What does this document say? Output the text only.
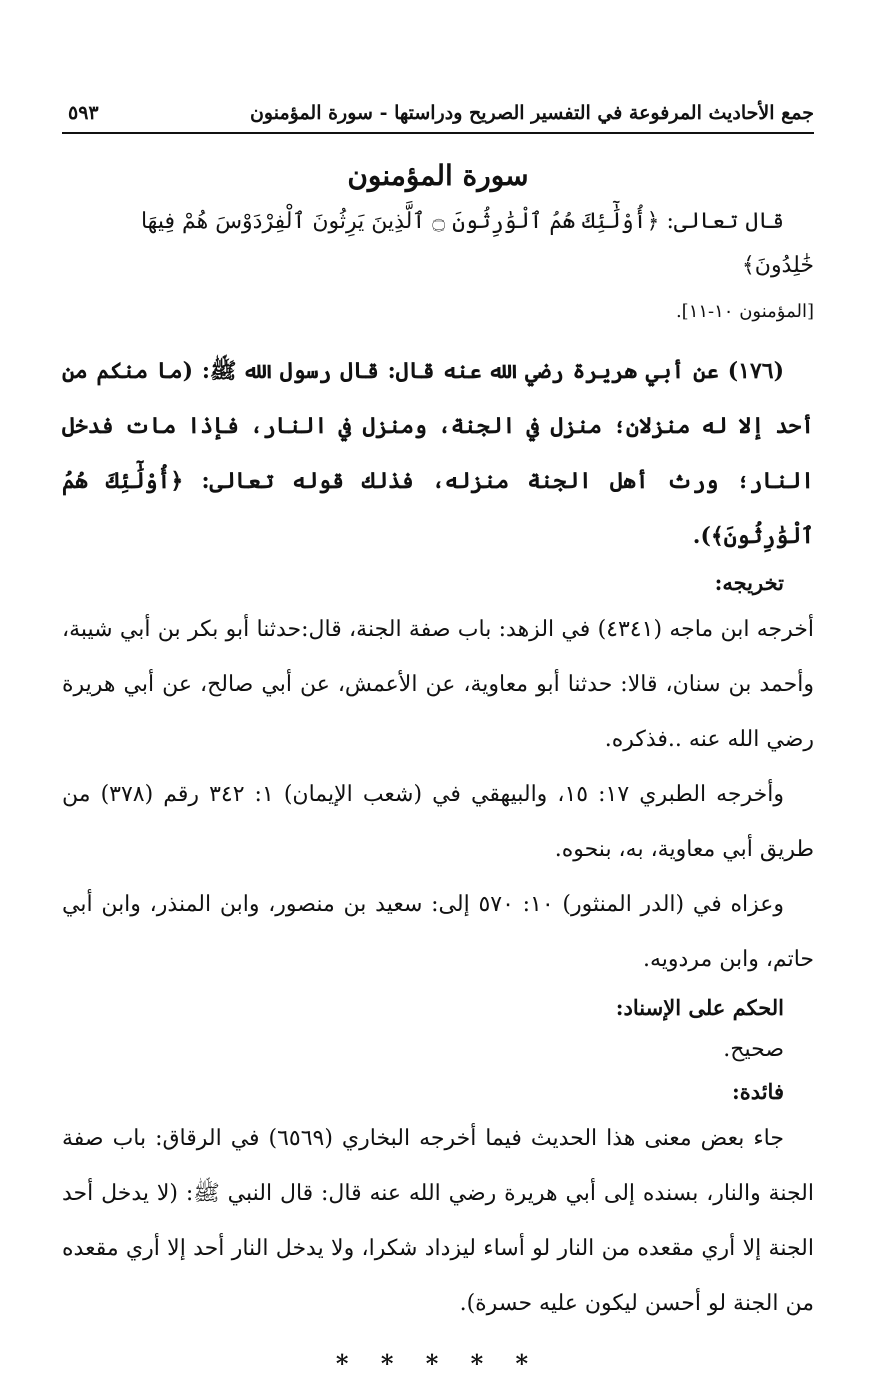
جمع الأحاديث المرفوعة في التفسير الصريح ودراستها - سورة المؤمنون
٥٩٣
سورة المؤمنون

قال تعالى: ﴿أُوْلَٰٓئِكَ هُمُ ٱلْوَٰرِثُونَ ۝ ٱلَّذِينَ يَرِثُونَ ٱلْفِرْدَوْسَ هُمْ فِيهَا خَٰلِدُونَ﴾

[المؤمنون ١٠-١١].

(١٧٦) عن أبي هريرة رضي الله عنه قال: قال رسول الله ﷺ: (ما منكم من أحد إلا له منزلان؛ منزل في الجنة، ومنزل في النار، فإذا مات فدخل النار؛ ورث أهل الجنة منزله، فذلك قوله تعالى: ﴿أُوْلَٰٓئِكَ هُمُ ٱلْوَٰرِثُونَ﴾).

تخريجه:

أخرجه ابن ماجه (٤٣٤١) في الزهد: باب صفة الجنة، قال:حدثنا أبو بكر بن أبي شيبة، وأحمد بن سنان، قالا: حدثنا أبو معاوية، عن الأعمش، عن أبي صالح، عن أبي هريرة رضي الله عنه ..فذكره.

وأخرجه الطبري ١٧: ١٥، والبيهقي في (شعب الإيمان) ١: ٣٤٢ رقم (٣٧٨) من طريق أبي معاوية، به، بنحوه.

وعزاه في (الدر المنثور) ١٠: ٥٧٠ إلى: سعيد بن منصور، وابن المنذر، وابن أبي حاتم، وابن مردويه.

الحكم على الإسناد:
صحيح.
فائدة:

جاء بعض معنى هذا الحديث فيما أخرجه البخاري (٦٥٦٩) في الرقاق: باب صفة الجنة والنار، بسنده إلى أبي هريرة رضي الله عنه قال: قال النبي ﷺ: (لا يدخل أحد الجنة إلا أري مقعده من النار لو أساء ليزداد شكرا، ولا يدخل النار أحد إلا أري مقعده من الجنة لو أحسن ليكون عليه حسرة).

* * * * *
